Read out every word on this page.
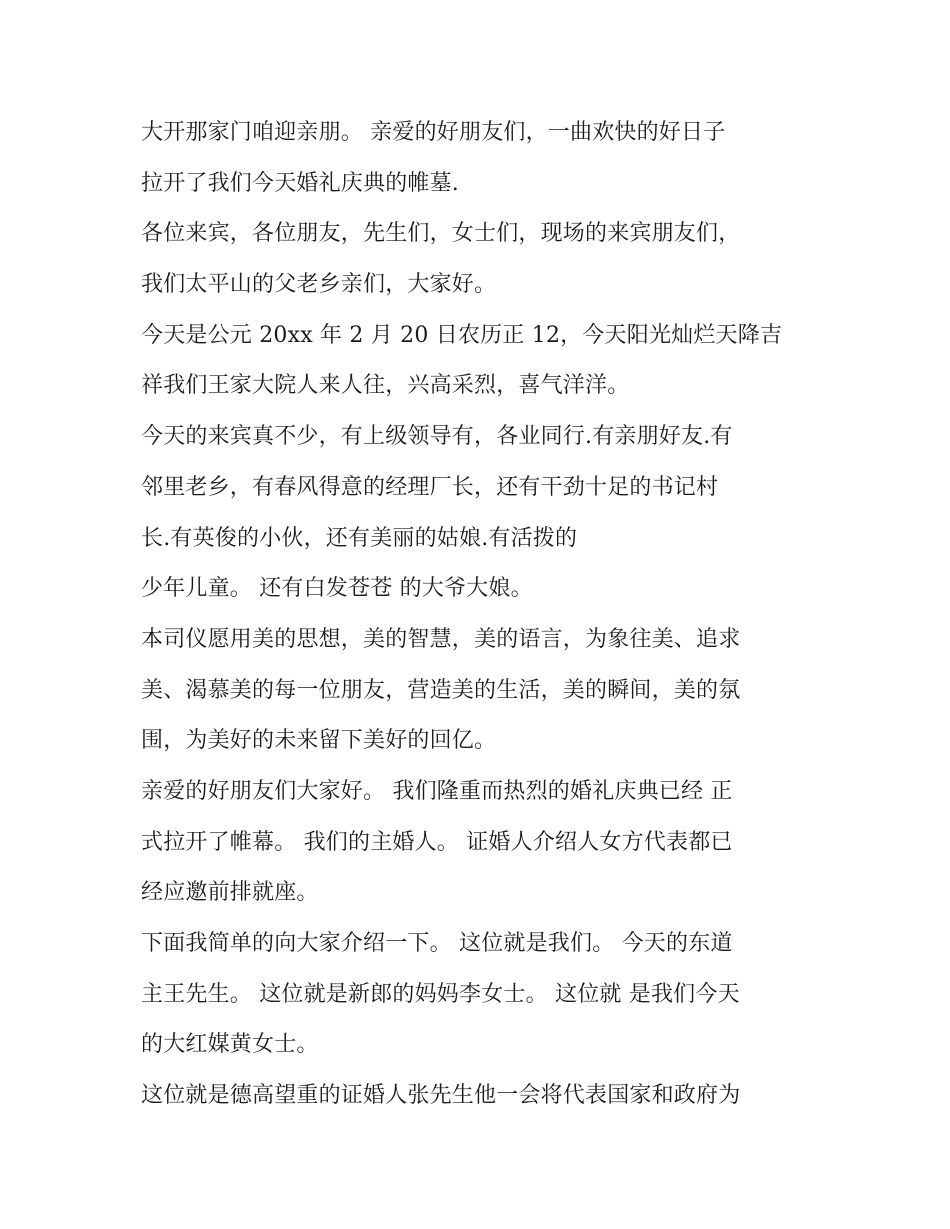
大开那家门咱迎亲朋。 亲爱的好朋友们，一曲欢快的好日子
拉开了我们今天婚礼庆典的帷墓.
各位来宾，各位朋友，先生们，女士们，现场的来宾朋友们，
我们太平山的父老乡亲们，大家好。
今天是公元 20xx 年 2 月 20 日农历正 12，今天阳光灿烂天降吉
祥我们王家大院人来人往，兴高采烈，喜气洋洋。
今天的来宾真不少，有上级领导有，各业同行.有亲朋好友.有
邻里老乡，有春风得意的经理厂长，还有干劲十足的书记村
长.有英俊的小伙，还有美丽的姑娘.有活拨的
少年儿童。 还有白发苍苍 的大爷大娘。
本司仪愿用美的思想，美的智慧，美的语言，为象往美、追求
美、渴慕美的每一位朋友，营造美的生活，美的瞬间，美的氛
围，为美好的未来留下美好的回亿。
亲爱的好朋友们大家好。 我们隆重而热烈的婚礼庆典已经 正
式拉开了帷幕。 我们的主婚人。 证婚人介绍人女方代表都已
经应邀前排就座。
下面我简单的向大家介绍一下。 这位就是我们。 今天的东道
主王先生。 这位就是新郎的妈妈李女士。 这位就 是我们今天
的大红媒黄女士。
这位就是德高望重的证婚人张先生他一会将代表国家和政府为
